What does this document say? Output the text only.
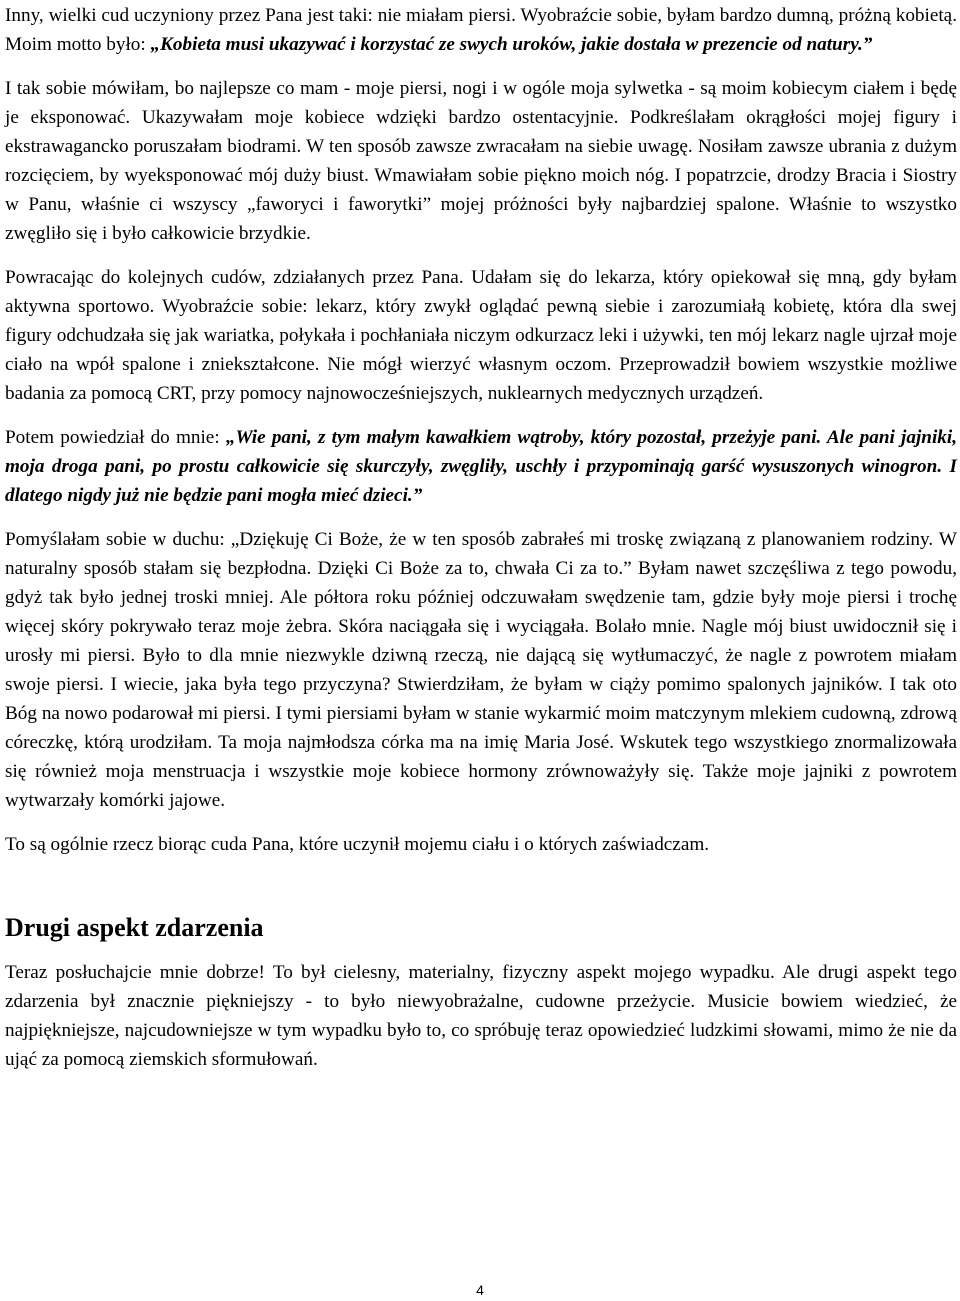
Inny, wielki cud uczyniony przez Pana jest taki: nie miałam piersi. Wyobraźcie sobie, byłam bardzo dumną, próżną kobietą. Moim motto było: „Kobieta musi ukazywać i korzystać ze swych uroków, jakie dostała w prezencie od natury.”

I tak sobie mówiłam, bo najlepsze co mam - moje piersi, nogi i w ogóle moja sylwetka - są moim kobiecym ciałem i będę je eksponować. Ukazywałam moje kobiece wdzięki bardzo ostentacyjnie. Podkreślałam okrągłości mojej figury i ekstrawagancko poruszałam biodrami. W ten sposób zawsze zwracałam na siebie uwagę. Nosiłam zawsze ubrania z dużym rozcięciem, by wyeksponować mój duży biust. Wmawiałam sobie piękno moich nóg. I popatrzcie, drodzy Bracia i Siostry w Panu, właśnie ci wszyscy „faworyci i faworytki” mojej próżności były najbardziej spalone. Właśnie to wszystko zwęgliło się i było całkowicie brzydkie.

Powracając do kolejnych cudów, zdziałanych przez Pana. Udałam się do lekarza, który opiekował się mną, gdy byłam aktywna sportowo. Wyobraźcie sobie: lekarz, który zwykł oglądać pewną siebie i zarozumiałą kobietę, która dla swej figury odchudzała się jak wariatka, połykała i pochłaniała niczym odkurzacz leki i używki, ten mój lekarz nagle ujrzał moje ciało na wpół spalone i zniekształcone. Nie mógł wierzyć własnym oczom. Przeprowadził bowiem wszystkie możliwe badania za pomocą CRT, przy pomocy najnowocześniejszych, nuklearnych medycznych urządzeń.

Potem powiedział do mnie: „Wie pani, z tym małym kawałkiem wątroby, który pozostał, przeżyje pani. Ale pani jajniki, moja droga pani, po prostu całkowicie się skurczyły, zwęgliły, uschły i przypominają garść wysuszonych winogron. I dlatego nigdy już nie będzie pani mogła mieć dzieci.”

Pomyślałam sobie w duchu: „Dziękuję Ci Boże, że w ten sposób zabrałeś mi troskę związaną z planowaniem rodziny. W naturalny sposób stałam się bezpłodna. Dzięki Ci Boże za to, chwała Ci za to.” Byłam nawet szczęśliwa z tego powodu, gdyż tak było jednej troski mniej. Ale półtora roku później odczuwałam swędzenie tam, gdzie były moje piersi i trochę więcej skóry pokrywało teraz moje żebra. Skóra naciągała się i wyciągała. Bolało mnie. Nagle mój biust uwidocznił się i urosły mi piersi. Było to dla mnie niezwykle dziwną rzeczą, nie dającą się wytłumaczyć, że nagle z powrotem miałam swoje piersi. I wiecie, jaka była tego przyczyna? Stwierdziłam, że byłam w ciąży pomimo spalonych jajników. I tak oto Bóg na nowo podarował mi piersi. I tymi piersiami byłam w stanie wykarmić moim matczynym mlekiem cudowną, zdrową córeczkę, którą urodziłam. Ta moja najmłodsza córka ma na imię Maria José. Wskutek tego wszystkiego znormalizowała się również moja menstruacja i wszystkie moje kobiece hormony zrównoważyły się. Także moje jajniki z powrotem wytwarzały komórki jajowe.

To są ogólnie rzecz biorąc cuda Pana, które uczynił mojemu ciału i o których zaświadczam.

Drugi aspekt zdarzenia

Teraz posłuchajcie mnie dobrze! To był cielesny, materialny, fizyczny aspekt mojego wypadku. Ale drugi aspekt tego zdarzenia był znacznie piękniejszy - to było niewyobrażalne, cudowne przeżycie. Musicie bowiem wiedzieć, że najpiękniejsze, najcudowniejsze w tym wypadku było to, co spróbuję teraz opowiedzieć ludzkimi słowami, mimo że nie da ująć za pomocą ziemskich sformułowań.

4
